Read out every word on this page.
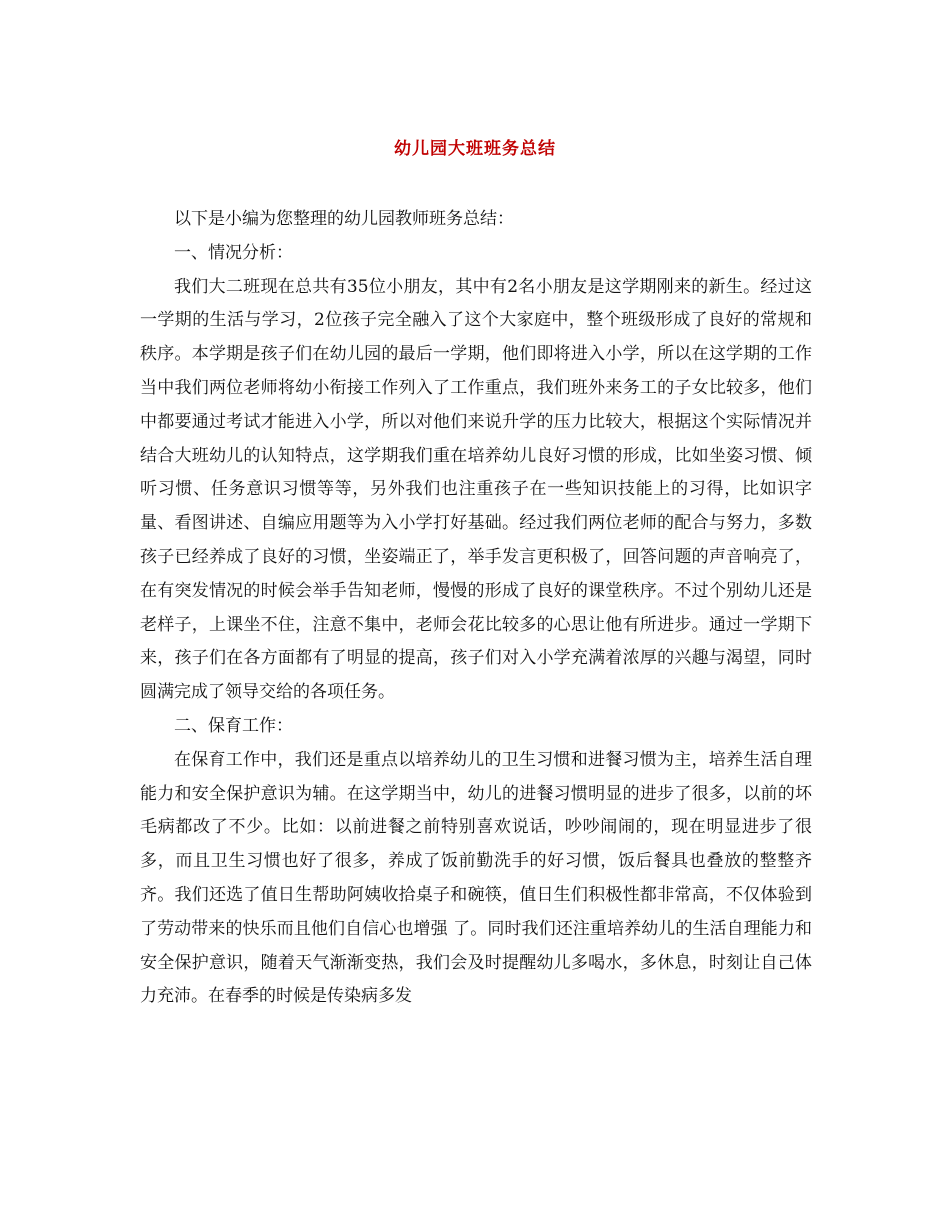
幼儿园大班班务总结

以下是小编为您整理的幼儿园教师班务总结：

一、情况分析：

我们大二班现在总共有35位小朋友，其中有2名小朋友是这学期刚来的新生。经过这一学期的生活与学习，2位孩子完全融入了这个大家庭中，整个班级形成了良好的常规和秩序。本学期是孩子们在幼儿园的最后一学期，他们即将进入小学，所以在这学期的工作当中我们两位老师将幼小衔接工作列入了工作重点，我们班外来务工的子女比较多，他们中都要通过考试才能进入小学，所以对他们来说升学的压力比较大，根据这个实际情况并结合大班幼儿的认知特点，这学期我们重在培养幼儿良好习惯的形成，比如坐姿习惯、倾听习惯、任务意识习惯等等，另外我们也注重孩子在一些知识技能上的习得，比如识字量、看图讲述、自编应用题等为入小学打好基础。经过我们两位老师的配合与努力，多数孩子已经养成了良好的习惯，坐姿端正了，举手发言更积极了，回答问题的声音响亮了，在有突发情况的时候会举手告知老师，慢慢的形成了良好的课堂秩序。不过个别幼儿还是老样子，上课坐不住，注意不集中，老师会花比较多的心思让他有所进步。通过一学期下来，孩子们在各方面都有了明显的提高，孩子们对入小学充满着浓厚的兴趣与渴望，同时圆满完成了领导交给的各项任务。

二、保育工作：

在保育工作中，我们还是重点以培养幼儿的卫生习惯和进餐习惯为主，培养生活自理能力和安全保护意识为辅。在这学期当中，幼儿的进餐习惯明显的进步了很多，以前的坏毛病都改了不少。比如：以前进餐之前特别喜欢说话，吵吵闹闹的，现在明显进步了很多，而且卫生习惯也好了很多，养成了饭前勤洗手的好习惯，饭后餐具也叠放的整整齐齐。我们还选了值日生帮助阿姨收拾桌子和碗筷，值日生们积极性都非常高，不仅体验到了劳动带来的快乐而且他们自信心也增强 了。同时我们还注重培养幼儿的生活自理能力和安全保护意识，随着天气渐渐变热，我们会及时提醒幼儿多喝水，多休息，时刻让自己体力充沛。在春季的时候是传染病多发
